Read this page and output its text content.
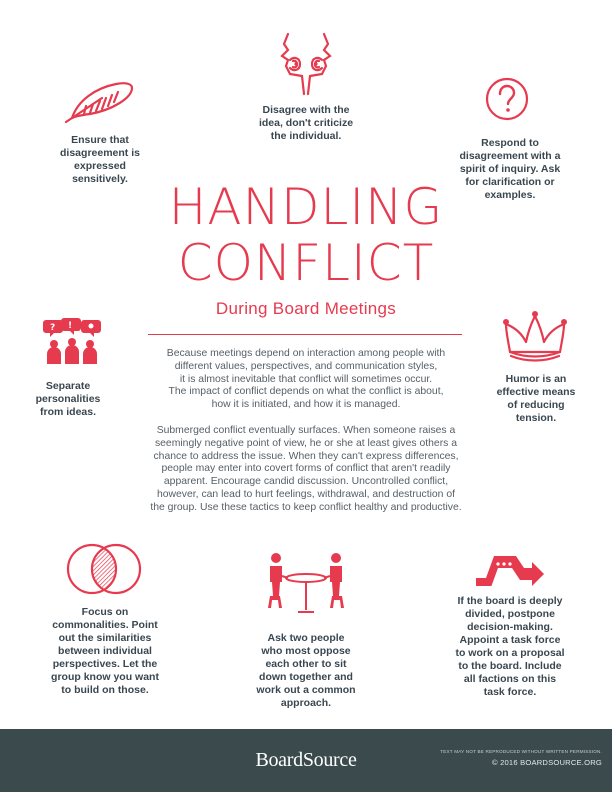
Disagree with the
idea, don't criticize
the individual.
Ensure that
disagreement is
expressed
sensitively.
Respond to
disagreement with a
spirit of inquiry. Ask
for clarification or
examples.
HANDLING
CONFLICT
During Board Meetings
Because meetings depend on interaction among people with
different values, perspectives, and communication styles,
it is almost inevitable that conflict will sometimes occur.
The impact of conflict depends on what the conflict is about,
how it is initiated, and how it is managed.
Submerged conflict eventually surfaces. When someone raises a
seemingly negative point of view, he or she at least gives others a
chance to address the issue. When they can't express differences,
people may enter into covert forms of conflict that aren't readily
apparent. Encourage candid discussion. Uncontrolled conflict,
however, can lead to hurt feelings, withdrawal, and destruction of
the group. Use these tactics to keep conflict healthy and productive.
? !
Separate
personalities
from ideas.
Humor is an
effective means
of reducing
tension.
Focus on
commonalities. Point
out the similarities
between individual
perspectives. Let the
group know you want
to build on those.
Ask two people
who most oppose
each other to sit
down together and
work out a common
approach.
If the board is deeply
divided, postpone
decision-making.
Appoint a task force
to work on a proposal
to the board. Include
all factions on this
task force.
BoardSource	TEXT MAY NOT BE REPRODUCED WITHOUT WRITTEN PERMISSION.
© 2016 BOARDSOURCE.ORG
